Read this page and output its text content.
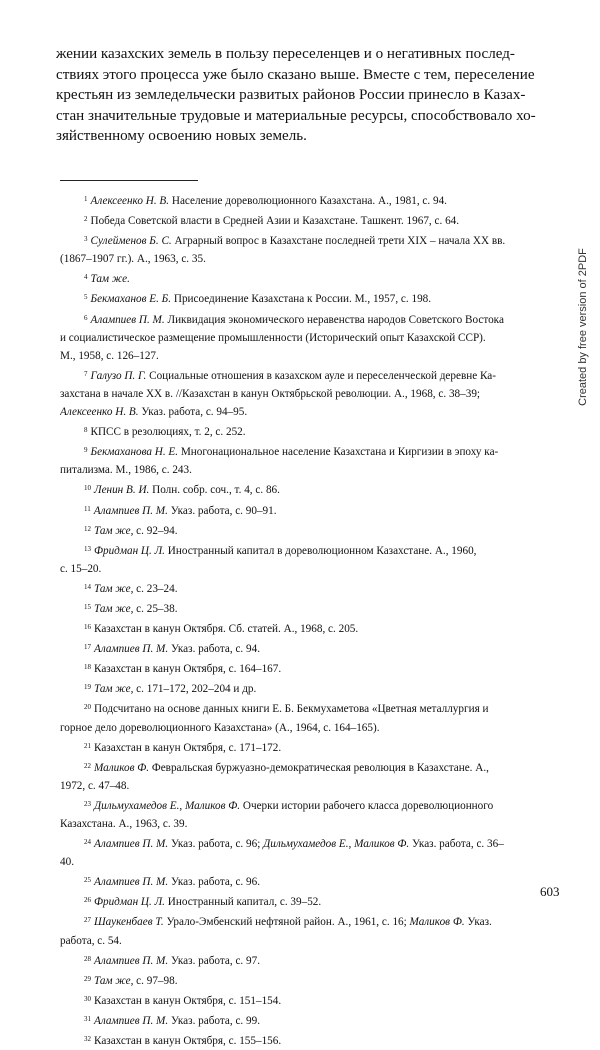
жении казахских земель в пользу переселенцев и о негативных послед-
ствиях этого процесса уже было сказано выше. Вместе с тем, переселение
крестьян из земледельчески развитых районов России принесло в Казах-
стан значительные трудовые и материальные ресурсы, способствовало хо-
зяйственному освоению новых земель.
$^1$ Алексеенко Н. В. Население дореволюционного Казахстана. А., 1981, с. 94.
$^2$ Победа Советской власти в Средней Азии и Казахстане. Ташкент. 1967, с. 64.
$^3$ Сулейменов Б. С. Аграрный вопрос в Казахстане последней трети XIX – начала XX вв.
(1867–1907 гг.). А., 1963, с. 35.
$^4$ Там же.
$^5$ Бекмаханов Е. Б. Присоединение Казахстана к России. М., 1957, с. 198.
$^6$ Алампиев П. М. Ликвидация экономического неравенства народов Советского Востока
и социалистическое размещение промышленности (Исторический опыт Казахской ССР).
М., 1958, с. 126–127.
$^7$ Галузо П. Г. Социальные отношения в казахском ауле и переселенческой деревне Ка-
захстана в начале XX в. //Казахстан в канун Октябрьской революции. А., 1968, с. 38–39;
Алексеенко Н. В. Указ. работа, с. 94–95.
$^8$ КПСС в резолюциях, т. 2, с. 252.
$^9$ Бекмаханова Н. Е. Многонациональное население Казахстана и Киргизии в эпоху ка-
питализма. М., 1986, с. 243.
$^{10}$ Ленин В. И. Полн. собр. соч., т. 4, с. 86.
$^{11}$ Алампиев П. М. Указ. работа, с. 90–91.
$^{12}$ Там же, с. 92–94.
$^{13}$ Фридман Ц. Л. Иностранный капитал в дореволюционном Казахстане. А., 1960,
с. 15–20.
$^{14}$ Там же, с. 23–24.
$^{15}$ Там же, с. 25–38.
$^{16}$ Казахстан в канун Октября. Сб. статей. А., 1968, с. 205.
$^{17}$ Алампиев П. М. Указ. работа, с. 94.
$^{18}$ Казахстан в канун Октября, с. 164–167.
$^{19}$ Там же, с. 171–172, 202–204 и др.
$^{20}$ Подсчитано на основе данных книги Е. Б. Бекмухаметова «Цветная металлургия и
горное дело дореволюционного Казахстана» (А., 1964, с. 164–165).
$^{21}$ Казахстан в канун Октября, с. 171–172.
$^{22}$ Маликов Ф. Февральская буржуазно-демократическая революция в Казахстане. А.,
1972, с. 47–48.
$^{23}$ Дильмухамедов Е., Маликов Ф. Очерки истории рабочего класса дореволюционного
Казахстана. А., 1963, с. 39.
$^{24}$ Алампиев П. М. Указ. работа, с. 96; Дильмухамедов Е., Маликов Ф. Указ. работа, с. 36–
40.
$^{25}$ Алампиев П. М. Указ. работа, с. 96.
$^{26}$ Фридман Ц. Л. Иностранный капитал, с. 39–52.
$^{27}$ Шаукенбаев Т. Урало-Эмбенский нефтяной район. А., 1961, с. 16; Маликов Ф. Указ.
работа, с. 54.
$^{28}$ Алампиев П. М. Указ. работа, с. 97.
$^{29}$ Там же, с. 97–98.
$^{30}$ Казахстан в канун Октября, с. 151–154.
$^{31}$ Алампиев П. М. Указ. работа, с. 99.
$^{32}$ Казахстан в канун Октября, с. 155–156.
Created by free version of 2PDF
603
